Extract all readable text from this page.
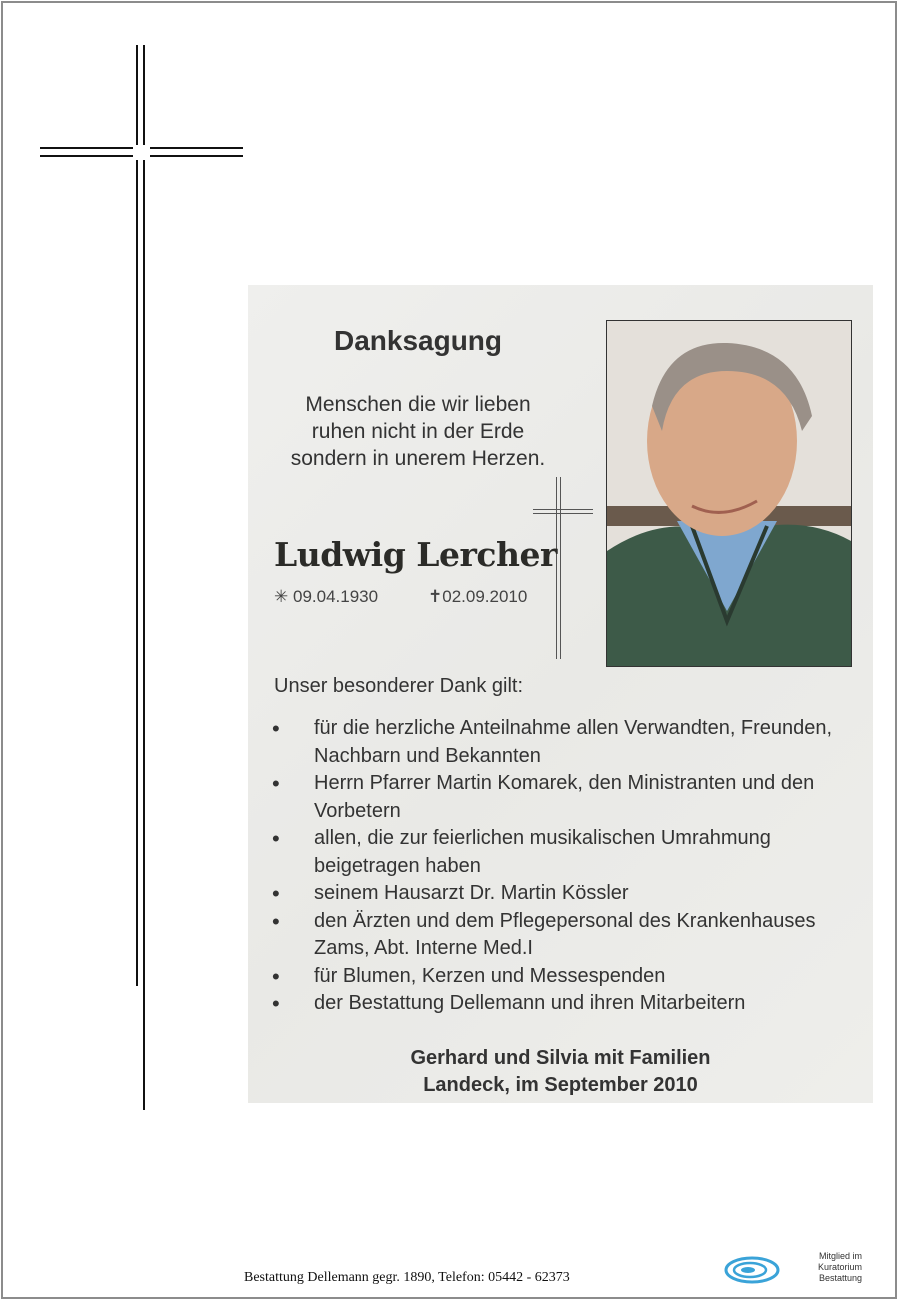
Danksagung
Menschen die wir lieben
ruhen nicht in der Erde
sondern in unerem Herzen.
Ludwig Lercher
✳ 09.04.1930	✝02.09.2010
Unser besonderer Dank gilt:
• für die herzliche Anteilnahme allen Verwandten, Freunden, Nachbarn und Bekannten
• Herrn Pfarrer Martin Komarek, den Ministranten und den Vorbetern
• allen, die zur feierlichen musikalischen Umrahmung beigetragen haben
• seinem Hausarzt Dr. Martin Kössler
• den Ärzten und dem Pflegepersonal des Krankenhauses Zams, Abt. Interne Med.I
• für Blumen, Kerzen und Messespenden
• der Bestattung Dellemann und ihren Mitarbeitern
Gerhard und Silvia mit Familien
Landeck, im September 2010
Bestattung Dellemann gegr. 1890, Telefon: 05442 - 62373
Mitglied im
Kuratorium Bestattung
